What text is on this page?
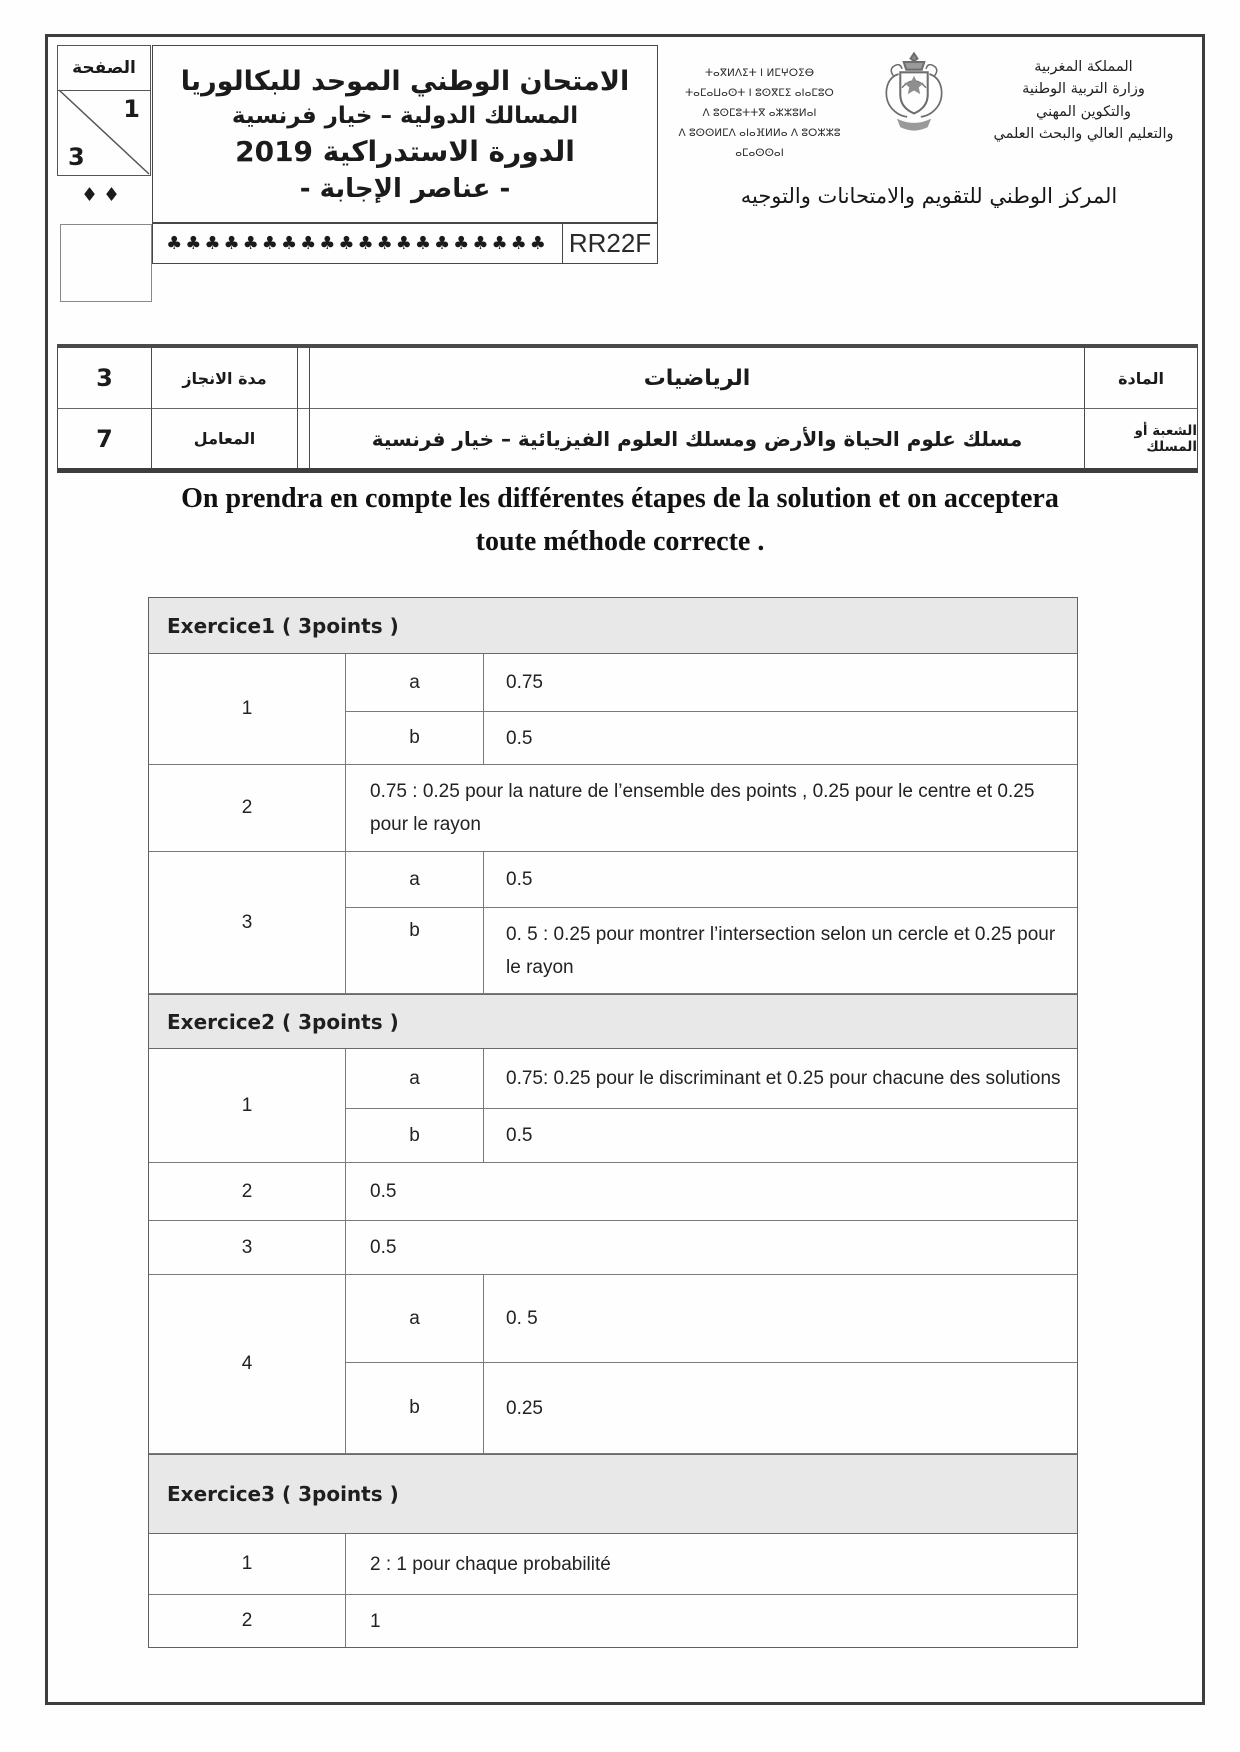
الصفحة
1
3
♦♦
الامتحان الوطني الموحد للبكالوريا
المسالك الدولية – خيار فرنسية
الدورة الاستدراكية 2019
- عناصر الإجابة -
♣♣♣♣♣♣♣♣♣♣♣♣♣♣♣♣♣♣♣♣ RR22F
ⵜⴰⴳⵍⴷⵉⵜ ⵏ ⵍⵎⵖⵔⵉⴱ
ⵜⴰⵎⴰⵡⴰⵙⵜ ⵏ ⵓⵙⴳⵎⵉ ⴰⵏⴰⵎⵓⵔ
ⴷ ⵓⵙⵎⵓⵜⵜⴳ ⴰⵣⵣⵓⵍⴰⵏ
ⴷ ⵓⵙⵙⵍⵎⴷ ⴰⵏⴰⴼⵍⵍⴰ ⴷ ⵓⵔⵣⵣⵓ ⴰⵎⴰⵙⵙⴰⵏ
المملكة المغربية
وزارة التربية الوطنية
والتكوين المهني
والتعليم العالي والبحث العلمي
المركز الوطني للتقويم والامتحانات والتوجيه
3	مدة الانجاز	الرياضيات	المادة
7	المعامل	مسلك علوم الحياة والأرض ومسلك العلوم الفيزيائية – خيار فرنسية	الشعبة أو المسلك
On prendra en compte les différentes étapes de la solution et on acceptera
toute méthode correcte .
Exercice1 ( 3points )
1
a	0.75
b	0.5
2
0.75 : 0.25 pour la nature de l’ensemble des points , 0.25 pour le centre et 0.25 pour le rayon
3
a	0.5
b	0. 5 : 0.25 pour montrer l’intersection selon un cercle et 0.25 pour le rayon
Exercice2 ( 3points )
1
a	0.75: 0.25 pour le discriminant et 0.25 pour chacune des solutions
b	0.5
2	0.5
3	0.5
4
a	0. 5
b	0.25
Exercice3 ( 3points )
1	2 : 1 pour chaque probabilité
2	1
